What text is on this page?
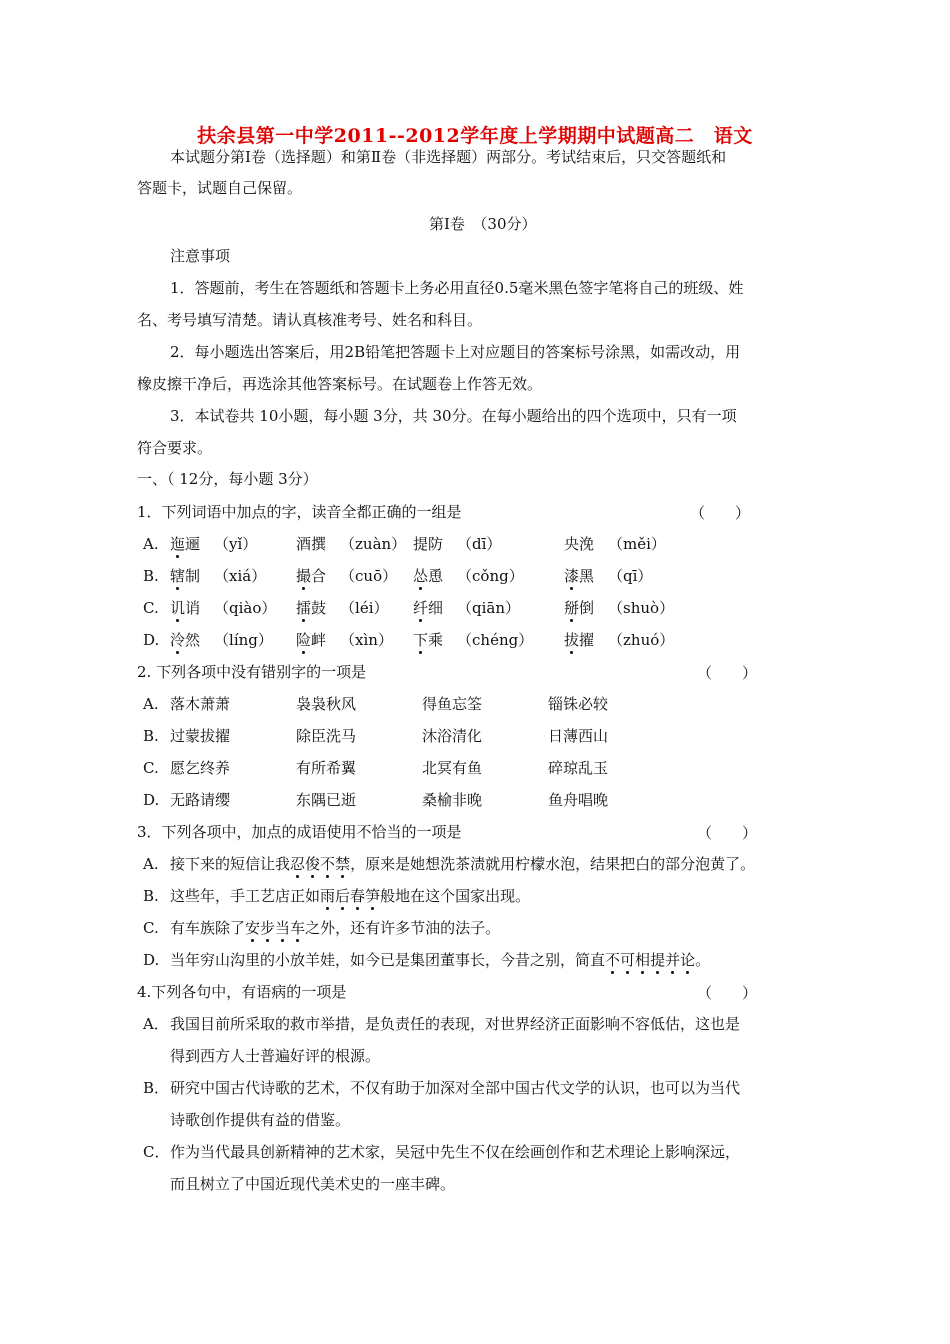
扶余县第一中学2011--2012学年度上学期期中试题高二　语文
本试题分第Ⅰ卷（选择题）和第Ⅱ卷（非选择题）两部分。考试结束后，只交答题纸和
答题卡，试题自己保留。
第Ⅰ卷　（30分）
注意事项
1．答题前，考生在答题纸和答题卡上务必用直径0.5毫米黑色签字笔将自己的班级、姓
名、考号填写清楚。请认真核准考号、姓名和科目。
2．每小题选出答案后，用2B铅笔把答题卡上对应题目的答案标号涂黑，如需改动，用
橡皮擦干净后，再选涂其他答案标号。在试题卷上作答无效。
3．本试卷共 10小题，每小题 3分，共 30分。在每小题给出的四个选项中，只有一项
符合要求。
一、（ 12分，每小题 3分）
1．下列词语中加点的字，读音全都正确的一组是	（　　）
A. 迤逦 （yǐ）	酒撰 （zuàn） 提防 （dī）	央浼 （měi）
B. 辖制 （xiá） 撮合 （cuō） 怂恿 （cǒng）	漆黑 （qī）
C. 讥诮 （qiào） 擂鼓 （léi） 纤细 （qiān）	掰倒 （shuò）
D. 泠然 （líng） 险衅 （xìn） 下乘 （chéng） 拔擢 （zhuó）
2. 下列各项中没有错别字的一项是	（　　）
A. 落木萧萧	袅袅秋风	得鱼忘筌	锱铢必较
B. 过蒙拔擢	除臣洗马	沐浴清化	日薄西山
C. 愿乞终养	有所希翼	北冥有鱼	碎琼乱玉
D. 无路请缨	东隅已逝	桑榆非晚	鱼舟唱晚
3．下列各项中，加点的成语使用不恰当的一项是	（　　）
A. 接下来的短信让我忍俊不禁，原来是她想洗茶渍就用柠檬水泡，结果把白的部分泡黄了。
B. 这些年，手工艺店正如雨后春笋般地在这个国家出现。
C. 有车族除了安步当车之外，还有许多节油的法子。
D. 当年穷山沟里的小放羊娃，如今已是集团董事长，今昔之别，简直不可相提并论。
4.下列各句中，有语病的一项是	（　　）
A． 我国目前所采取的救市举措，是负责任的表现，对世界经济正面影响不容低估，这也是
得到西方人士普遍好评的根源。
B． 研究中国古代诗歌的艺术，不仅有助于加深对全部中国古代文学的认识，也可以为当代
诗歌创作提供有益的借鉴。
C． 作为当代最具创新精神的艺术家，吴冠中先生不仅在绘画创作和艺术理论上影响深远，
而且树立了中国近现代美术史的一座丰碑。
